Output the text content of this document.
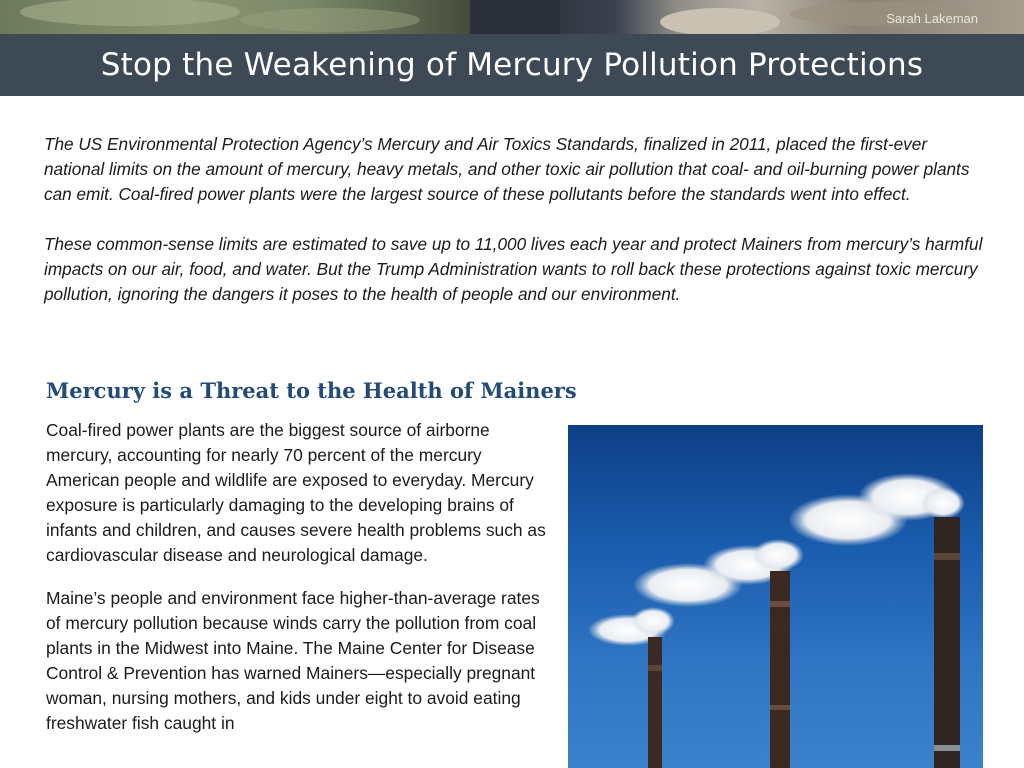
Sarah Lakeman
Stop the Weakening of Mercury Pollution Protections

The US Environmental Protection Agency’s Mercury and Air Toxics Standards, finalized in 2011, placed the first-ever national limits on the amount of mercury, heavy metals, and other toxic air pollution that coal- and oil-burning power plants can emit. Coal-fired power plants were the largest source of these pollutants before the standards went into effect.

These common-sense limits are estimated to save up to 11,000 lives each year and protect Mainers from mercury’s harmful impacts on our air, food, and water. But the Trump Administration wants to roll back these protections against toxic mercury pollution, ignoring the dangers it poses to the health of people and our environment.

Mercury is a Threat to the Health of Mainers

Coal-fired power plants are the biggest source of airborne mercury, accounting for nearly 70 percent of the mercury American people and wildlife are exposed to everyday. Mercury exposure is particularly damaging to the developing brains of infants and children, and causes severe health problems such as cardiovascular disease and neurological damage.

Maine’s people and environment face higher-than-average rates of mercury pollution because winds carry the pollution from coal plants in the Midwest into Maine. The Maine Center for Disease Control & Prevention has warned Mainers—especially pregnant woman, nursing mothers, and kids under eight to avoid eating freshwater fish caught in
